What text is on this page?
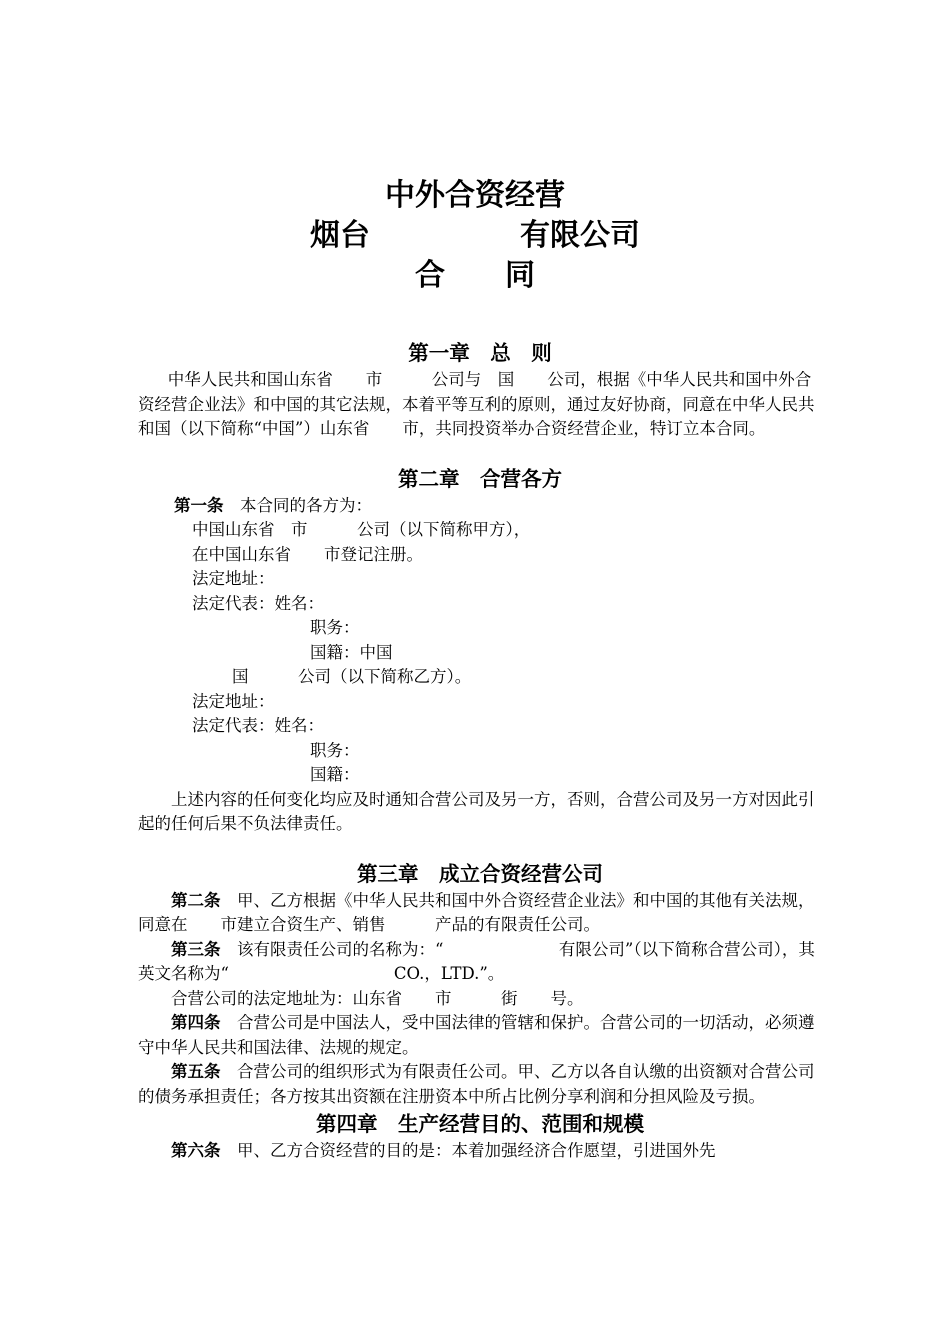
中外合资经营
烟台　　　　　有限公司
合　　同
第一章　总　则

中华人民共和国山东省　　市　　　公司与　国　　公司，根据《中华人民共和国中外合资经营企业法》和中国的其它法规，本着平等互利的原则，通过友好协商，同意在中华人民共和国（以下简称“中国”）山东省　　市，共同投资举办合资经营企业，特订立本合同。

第二章　合营各方
第一条　本合同的各方为：
中国山东省　市　　　公司（以下简称甲方），
在中国山东省　　市登记注册。
法定地址：
法定代表：姓名：
职务：
国籍：中国
国　　　公司（以下简称乙方）。
法定地址：
法定代表：姓名：
职务：
国籍：

上述内容的任何变化均应及时通知合营公司及另一方，否则，合营公司及另一方对因此引起的任何后果不负法律责任。

第三章　成立合资经营公司

第二条　甲、乙方根据《中华人民共和国中外合资经营企业法》和中国的其他有关法规，同意在　　市建立合资生产、销售　　　产品的有限责任公司。

第三条　该有限责任公司的名称为：“　　　　　　　有限公司”（以下简称合营公司），其英文名称为“　　　　　　　　　　CO.，LTD.”。

合营公司的法定地址为：山东省　　市　　　街　　号。

第四条　合营公司是中国法人，受中国法律的管辖和保护。合营公司的一切活动，必须遵守中华人民共和国法律、法规的规定。

第五条　合营公司的组织形式为有限责任公司。甲、乙方以各自认缴的出资额对合营公司的债务承担责任；各方按其出资额在注册资本中所占比例分享利润和分担风险及亏损。

第四章　生产经营目的、范围和规模

第六条　甲、乙方合资经营的目的是：本着加强经济合作愿望，引进国外先
